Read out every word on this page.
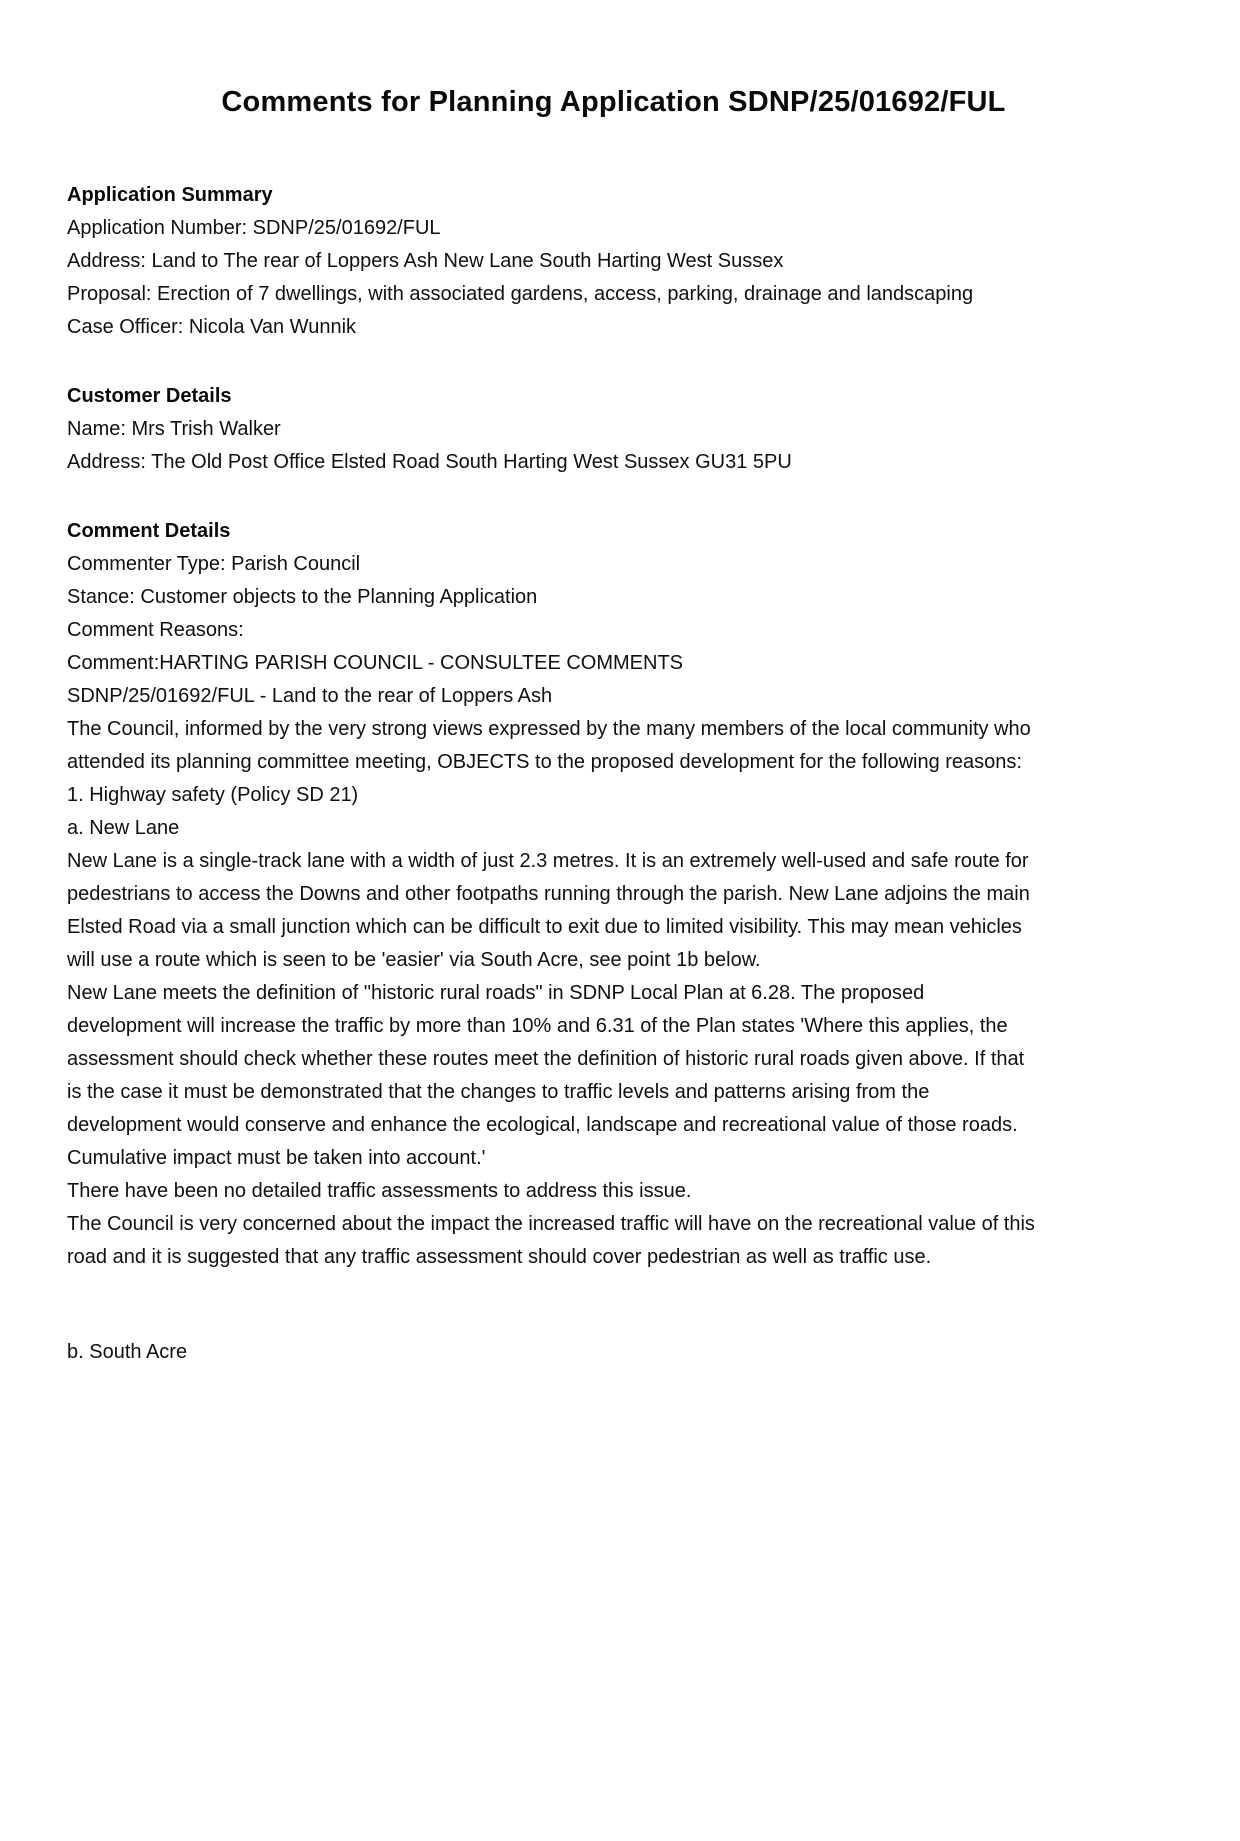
Comments for Planning Application SDNP/25/01692/FUL
Application Summary

Application Number: SDNP/25/01692/FUL

Address: Land to The rear of Loppers Ash New Lane South Harting West Sussex

Proposal: Erection of 7 dwellings, with associated gardens, access, parking, drainage and landscaping

Case Officer: Nicola Van Wunnik

Customer Details

Name: Mrs Trish Walker

Address: The Old Post Office Elsted Road South Harting West Sussex GU31 5PU

Comment Details

Commenter Type: Parish Council

Stance: Customer objects to the Planning Application

Comment Reasons:

Comment:HARTING PARISH COUNCIL - CONSULTEE COMMENTS

SDNP/25/01692/FUL - Land to the rear of Loppers Ash

The Council, informed by the very strong views expressed by the many members of the local community who attended its planning committee meeting, OBJECTS to the proposed development for the following reasons:

1. Highway safety (Policy SD 21)

a. New Lane

New Lane is a single-track lane with a width of just 2.3 metres. It is an extremely well-used and safe route for pedestrians to access the Downs and other footpaths running through the parish. New Lane adjoins the main Elsted Road via a small junction which can be difficult to exit due to limited visibility. This may mean vehicles will use a route which is seen to be 'easier' via South Acre, see point 1b below.

New Lane meets the definition of "historic rural roads" in SDNP Local Plan at 6.28. The proposed development will increase the traffic by more than 10% and 6.31 of the Plan states 'Where this applies, the assessment should check whether these routes meet the definition of historic rural roads given above. If that is the case it must be demonstrated that the changes to traffic levels and patterns arising from the development would conserve and enhance the ecological, landscape and recreational value of those roads. Cumulative impact must be taken into account.'

There have been no detailed traffic assessments to address this issue.

The Council is very concerned about the impact the increased traffic will have on the recreational value of this road and it is suggested that any traffic assessment should cover pedestrian as well as traffic use.

b. South Acre
